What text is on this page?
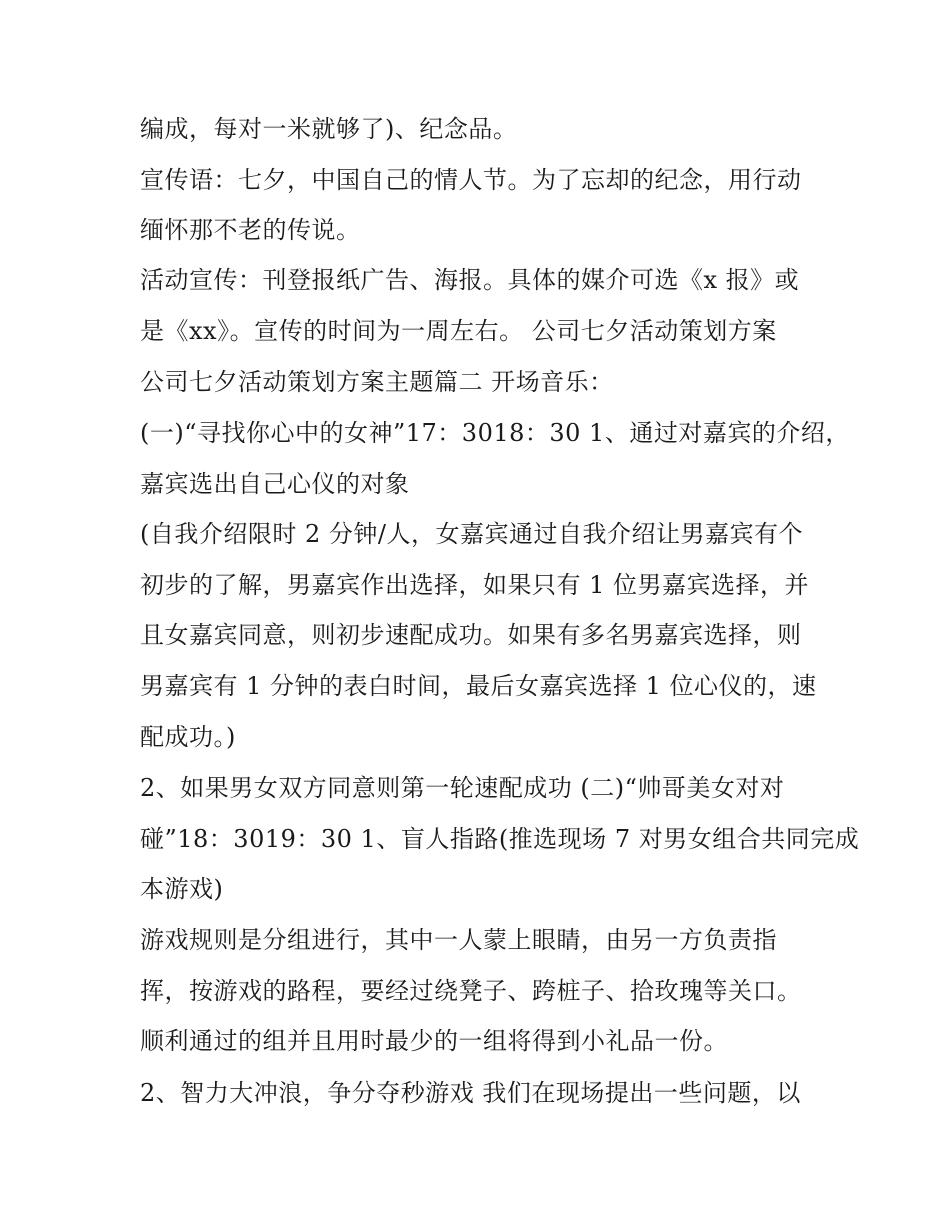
编成，每对一米就够了)、纪念品。
宣传语：七夕，中国自己的情人节。为了忘却的纪念，用行动
缅怀那不老的传说。
活动宣传：刊登报纸广告、海报。具体的媒介可选《x 报》或
是《xx》。宣传的时间为一周左右。 公司七夕活动策划方案
公司七夕活动策划方案主题篇二 开场音乐：
(一)“寻找你心中的女神”17：3018：30 1、通过对嘉宾的介绍，
嘉宾选出自己心仪的对象
(自我介绍限时 2 分钟/人，女嘉宾通过自我介绍让男嘉宾有个
初步的了解，男嘉宾作出选择，如果只有 1 位男嘉宾选择，并
且女嘉宾同意，则初步速配成功。如果有多名男嘉宾选择，则
男嘉宾有 1 分钟的表白时间，最后女嘉宾选择 1 位心仪的，速
配成功。)
2、如果男女双方同意则第一轮速配成功 (二)“帅哥美女对对
碰”18：3019：30 1、盲人指路(推选现场 7 对男女组合共同完成
本游戏)
游戏规则是分组进行，其中一人蒙上眼睛，由另一方负责指
挥，按游戏的路程，要经过绕凳子、跨桩子、拾玫瑰等关口。
顺利通过的组并且用时最少的一组将得到小礼品一份。
2、智力大冲浪，争分夺秒游戏 我们在现场提出一些问题，以
